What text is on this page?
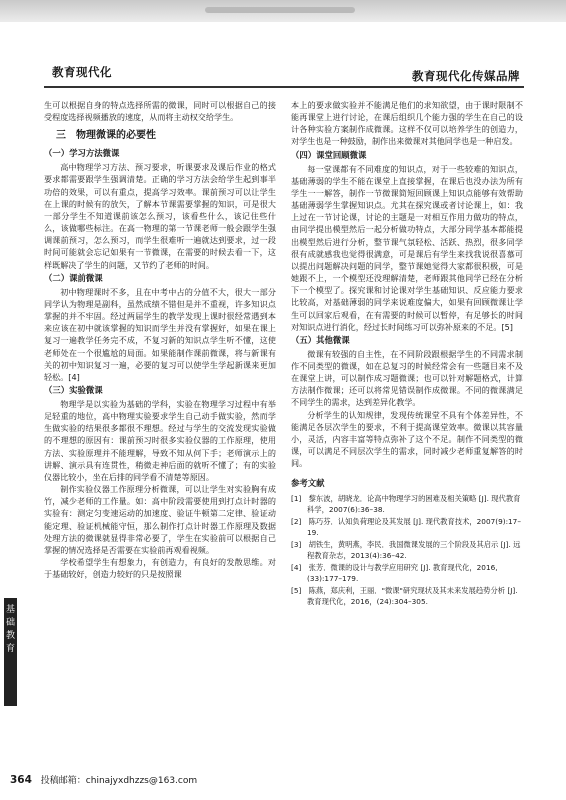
教育现代化	教育现代化传媒品牌

生可以根据自身的特点选择所需的微课，同时可以根据自己的接受程度选择视频播放的速度，从而将主动权交给学生。

三　物理微课的必要性
（一）学习方法微课

高中物理学习方法、预习要求，听课要求及课后作业的格式要求都需要跟学生强调清楚。正确的学习方法会给学生起到事半功倍的效果，可以有重点，提高学习效率。课前预习可以让学生在上课的时候有的放矢，了解本节课需要掌握的知识，可是很大一部分学生不知道课前该怎么预习，该看些什么，该记住些什么，该做哪些标注。在高一物理的第一节课老师一般会跟学生强调课前预习，怎么预习，而学生很难听一遍就达到要求，过一段时间可能就会忘记如果有一节微课，在需要的时候去看一下，这样既解决了学生的问题，又节约了老师的时间。

（二）课前微课

初中物理课时不多，且在中考中占的分值不大，很大一部分同学认为物理是副科，虽然成绩不错但是并不重视，许多知识点掌握的并不牢固。经过两届学生的教学发现上课时很经常遇到本来应该在初中就该掌握的知识而学生并没有掌握好，如果在课上复习一遍教学任务完不成，不复习新的知识点学生听不懂，这使老师处在一个很尴尬的局面。如果能制作课前微课，将与新课有关的初中知识复习一遍，必要的复习可以使学生学起新课来更加轻松。[4]

（三）实验微课

物理学是以实验为基础的学科，实验在物理学习过程中有举足轻重的地位，高中物理实验要求学生自己动手做实验，然而学生做实验的结果很多都很不理想。经过与学生的交流发现实验做的不理想的原因有：课前预习时很多实验仪器的工作原理，使用方法、实验原理并不能理解，导致不知从何下手；老师演示上的讲解、演示具有连贯性，稍微走神后面的就听不懂了；有的实验仪器比较小，坐在后排的同学看不清楚等原因。

制作实验仪器工作原理分析微课，可以让学生对实验胸有成竹，减少老师的工作量。如：高中阶段需要使用到打点计时器的实验有：测定匀变速运动的加速度、验证牛顿第二定律、验证动能定理、验证机械能守恒，那么制作打点计时器工作原理及数据处理方法的微课就显得非常必要了，学生在实验前可以根据自己掌握的情况选择是否需要在实验前再观看视频。

学校希望学生有想象力，有创造力，有良好的发散思维。对于基础较好，创造力较好的只是按照课

本上的要求做实验并不能满足他们的求知欲望，由于课时限制不能再课堂上进行讨论，在课后组织几个能力强的学生在自己的设计各种实验方案制作成微课。这样不仅可以培养学生的创造力，对学生也是一种鼓励，制作出来微课对其他同学也是一种启发。

（四）课堂回顾微课

每一堂课都有不同难度的知识点，对于一些较难的知识点，基础薄弱的学生不能在课堂上直接掌握，在课后也没办法为所有学生一一解答，制作一节微课简短回顾课上知识点能够有效帮助基础薄弱学生掌握知识点。尤其在探究课或者讨论课上，如：我上过在一节讨论课，讨论的主题是一对相互作用力做功的特点，由同学提出模型然后一起分析做功特点，大部分同学基本都能提出模型然后进行分析，整节课气氛轻松、活跃、热烈，很多同学很有成就感我也觉得很满意，可是课后有学生来找我说很喜慕可以提出问题解决问题的同学，整节课她觉得大家都很积极，可是她跟不上，一个模型还没理解清楚，老师跟其他同学已经在分析下一个模型了。探究课和讨论课对学生基础知识、反应能力要求比较高，对基础薄弱的同学来说难度偏大，如果有回顾微课让学生可以回家后观看，在有需要的时候可以暂停，有足够长的时间对知识点进行消化，经过长时间练习可以弥补原来的不足。[5]

（五）其他微课

微课有较强的自主性，在不同阶段跟根据学生的不同需求制作不同类型的微课，如在总复习的时候经常会有一些题目来不及在课堂上讲，可以制作成习题微课；也可以针对解题格式，计算方法制作微课；还可以将常见错误制作成微课。不同的微课满足不同学生的需求，达到差异化教学。

分析学生的认知规律，发现传统课堂不具有个体差异性，不能满足各层次学生的要求，不利于提高课堂效率。微课以其容量小，灵活，内容丰富等特点弥补了这个不足。制作不同类型的微课，可以满足不同层次学生的需求，同时减少老师重复解答的时间。

参考文献
[1]　黎东波，胡晓龙．论高中物理学习的困难及相关策略 [J]. 现代教育科学，2007(6):36–38.
[2]　陈巧芬．认知负荷理论及其发展 [J]. 现代教育技术，2007(9):17–19.
[3]　胡铁生，黄明燕，李民．我国微课发展的三个阶段及其启示 [J]. 远程教育杂志，2013(4):36–42.
[4]　张芳．微课的设计与教学应用研究 [J]. 教育现代化，2016,(33):177–179.
[5]　陈燕，郑庆利，王丽．"微课"研究现状及其未来发展趋势分析 [J]. 教育现代化，2016，(24):304–305.
基础教育
364 投稿邮箱：chinajyxdhzzs@163.com
